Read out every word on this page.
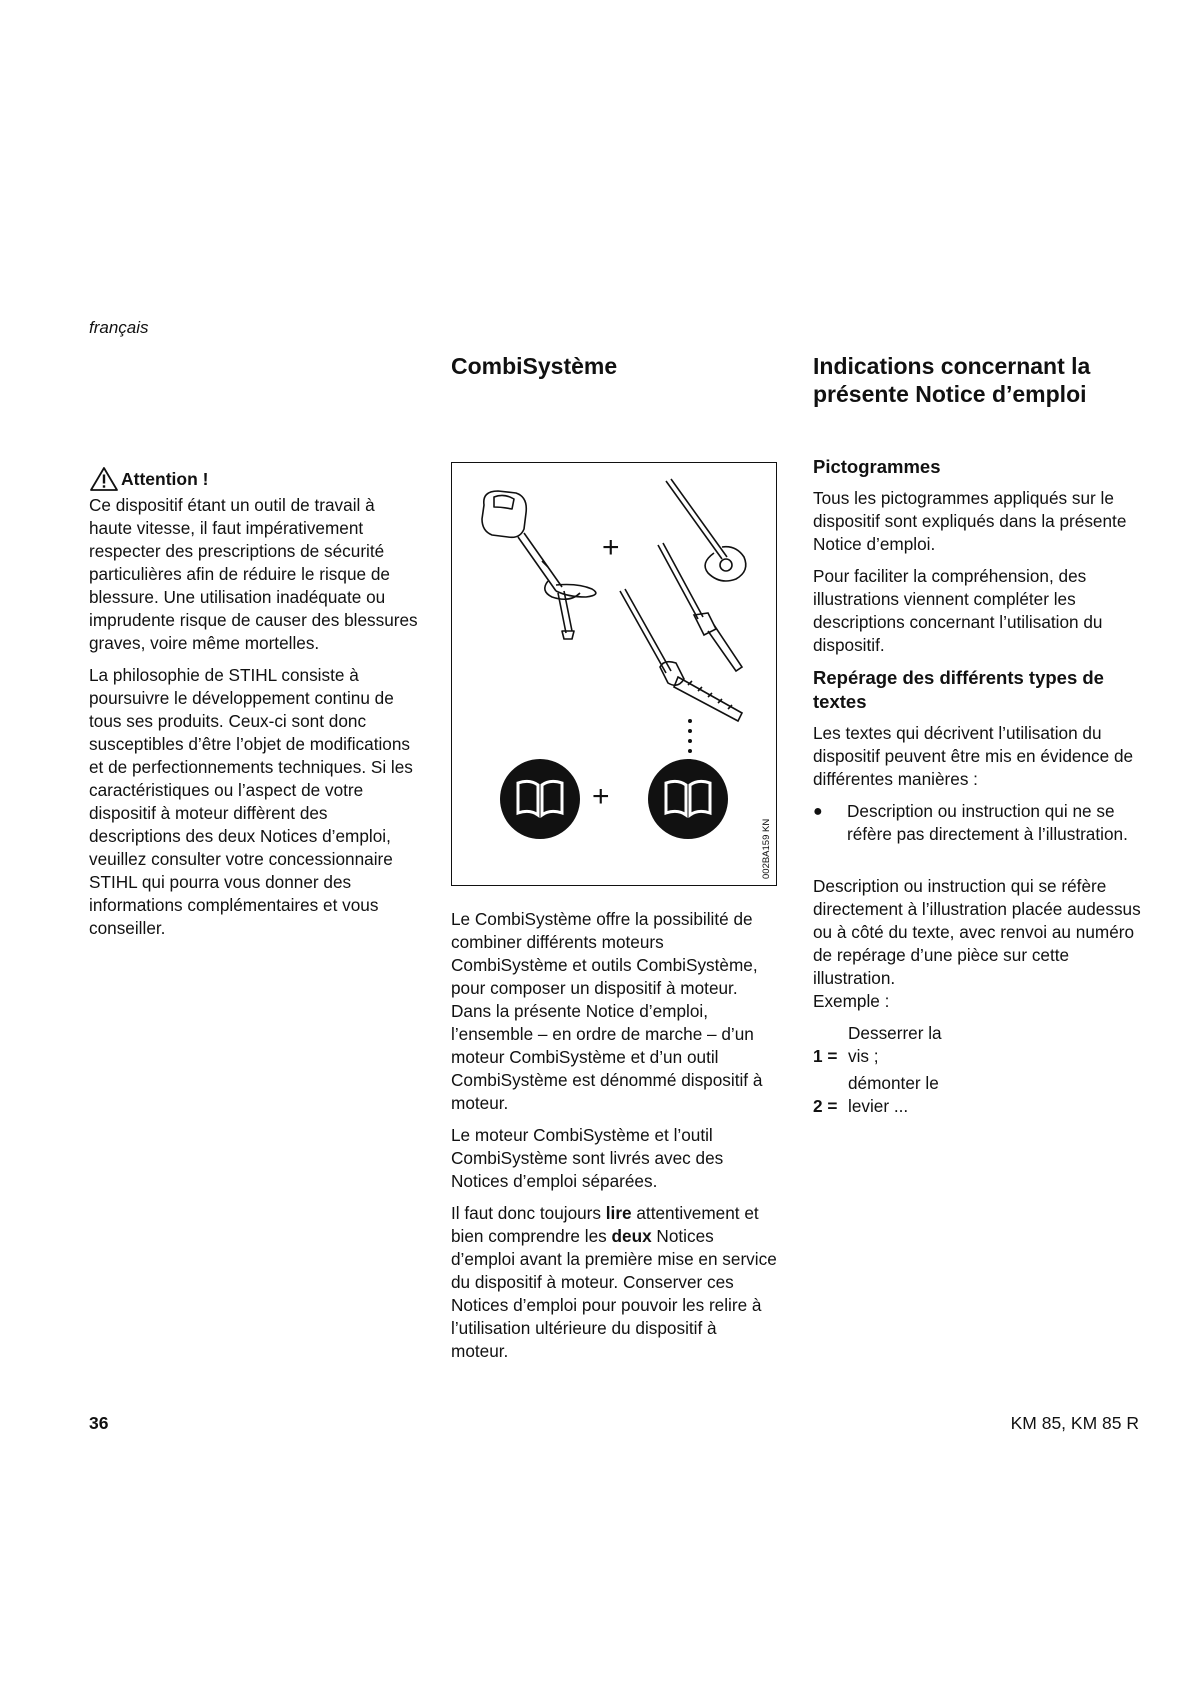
français
CombiSystème	Indications concernant la présente Notice d’emploi
Attention !

Ce dispositif étant un outil de travail à haute vitesse, il faut impérativement respecter des prescriptions de sécurité particulières afin de réduire le risque de blessure. Une utilisation inadéquate ou imprudente risque de causer des blessures graves, voire même mortelles.

La philosophie de STIHL consiste à poursuivre le développement continu de tous ses produits. Ceux-ci sont donc susceptibles d’être l’objet de modifications et de perfectionnements techniques. Si les caractéristiques ou l’aspect de votre dispositif à moteur diffèrent des descriptions des deux Notices d’emploi, veuillez consulter votre concessionnaire STIHL qui pourra vous donner des informations complémentaires et vous conseiller.

+
+
002BA159 KN

Le CombiSystème offre la possibilité de combiner différents moteurs CombiSystème et outils CombiSystème, pour composer un dispositif à moteur. Dans la présente Notice d’emploi, l’ensemble – en ordre de marche – d’un moteur CombiSystème et d’un outil CombiSystème est dénommé dispositif à moteur.

Le moteur CombiSystème et l’outil CombiSystème sont livrés avec des Notices d’emploi séparées.

Il faut donc toujours lire attentivement et bien comprendre les deux Notices d’emploi avant la première mise en service du dispositif à moteur. Conserver ces Notices d’emploi pour pouvoir les relire à l’utilisation ultérieure du dispositif à moteur.

Pictogrammes

Tous les pictogrammes appliqués sur le dispositif sont expliqués dans la présente Notice d’emploi.

Pour faciliter la compréhension, des illustrations viennent compléter les descriptions concernant l’utilisation du dispositif.

Repérage des différents types de textes

Les textes qui décrivent l’utilisation du dispositif peuvent être mis en évidence de différentes manières :

●	Description ou instruction qui ne se réfère pas directement à l’illustration.

Description ou instruction qui se réfère directement à l’illustration placée audessus ou à côté du texte, avec renvoi au numéro de repérage d’une pièce sur cette illustration.

Exemple :

1 =
Desserrer la vis ;
2 =
démonter le levier ...
36	KM 85, KM 85 R
